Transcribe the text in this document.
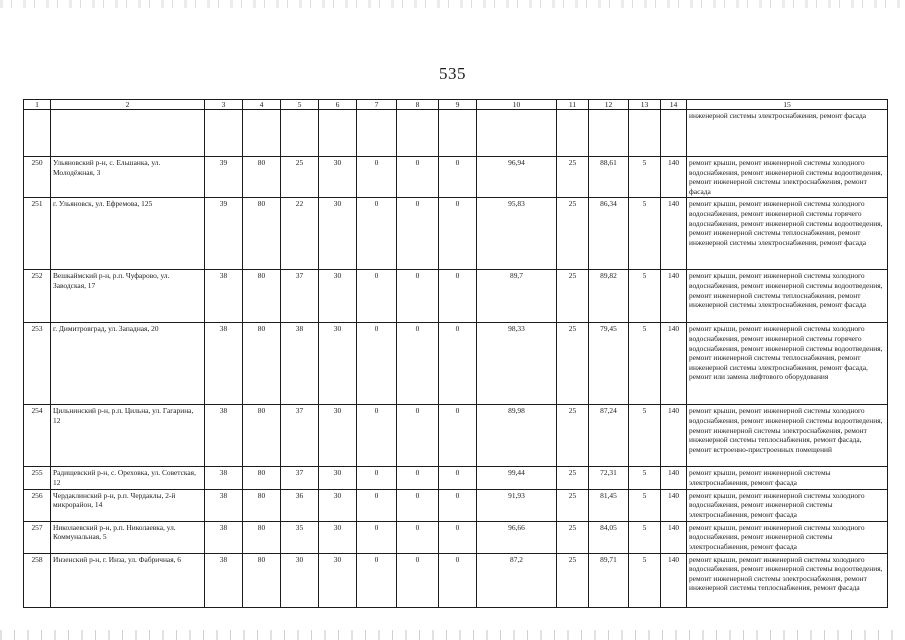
535
1	2	3	4	5	6	7	8	9	10	11	12	13	14	15
														инженерной системы электроснабжения, ремонт фасада
250	Ульяновский р-н, с. Ельшанка, ул. Молодёжная, 3	39	80	25	30	0	0	0	96,94	25	88,61	5	140	ремонт крыши, ремонт инженерной системы холодного водоснабжения, ремонт инженерной системы водоотведения, ремонт инженерной системы электроснабжения, ремонт фасада
251	г. Ульяновск, ул. Ефремова, 125	39	80	22	30	0	0	0	95,83	25	86,34	5	140	ремонт крыши, ремонт инженерной системы холодного водоснабжения, ремонт инженерной системы горячего водоснабжения, ремонт инженерной системы водоотведения, ремонт инженерной системы теплоснабжения, ремонт инженерной системы электроснабжения, ремонт фасада
252	Вешкаймский р-н, р.п. Чуфарово, ул. Заводская, 17	38	80	37	30	0	0	0	89,7	25	89,82	5	140	ремонт крыши, ремонт инженерной системы холодного водоснабжения, ремонт инженерной системы водоотведения, ремонт инженерной системы теплоснабжения, ремонт инженерной системы электроснабжения, ремонт фасада
253	г. Димитровград, ул. Западная, 20	38	80	38	30	0	0	0	98,33	25	79,45	5	140	ремонт крыши, ремонт инженерной системы холодного водоснабжения, ремонт инженерной системы горячего водоснабжения, ремонт инженерной системы водоотведения, ремонт инженерной системы теплоснабжения, ремонт инженерной системы электроснабжения, ремонт фасада, ремонт или замена лифтового оборудования
254	Цильнинский р-н, р.п. Цильна, ул. Гагарина, 12	38	80	37	30	0	0	0	89,98	25	87,24	5	140	ремонт крыши, ремонт инженерной системы холодного водоснабжения, ремонт инженерной системы водоотведения, ремонт инженерной системы электроснабжения, ремонт инженерной системы теплоснабжения, ремонт фасада, ремонт встроенно-пристроенных помещений
255	Радищевский р-н, с. Ореховка, ул. Советская, 12	38	80	37	30	0	0	0	99,44	25	72,31	5	140	ремонт крыши, ремонт инженерной системы электроснабжения, ремонт фасада
256	Чердаклинский р-н, р.п. Чердаклы, 2-й микрорайон, 14	38	80	36	30	0	0	0	91,93	25	81,45	5	140	ремонт крыши, ремонт инженерной системы холодного водоснабжения, ремонт инженерной системы электроснабжения, ремонт фасада
257	Николаевский р-н, р.п. Николаевка, ул. Коммунальная, 5	38	80	35	30	0	0	0	96,66	25	84,05	5	140	ремонт крыши, ремонт инженерной системы холодного водоснабжения, ремонт инженерной системы электроснабжения, ремонт фасада
258	Инзенский р-н, г. Инза, ул. Фабричная, 6	38	80	30	30	0	0	0	87,2	25	89,71	5	140	ремонт крыши, ремонт инженерной системы холодного водоснабжения, ремонт инженерной системы водоотведения, ремонт инженерной системы электроснабжения, ремонт инженерной системы теплоснабжения, ремонт фасада
